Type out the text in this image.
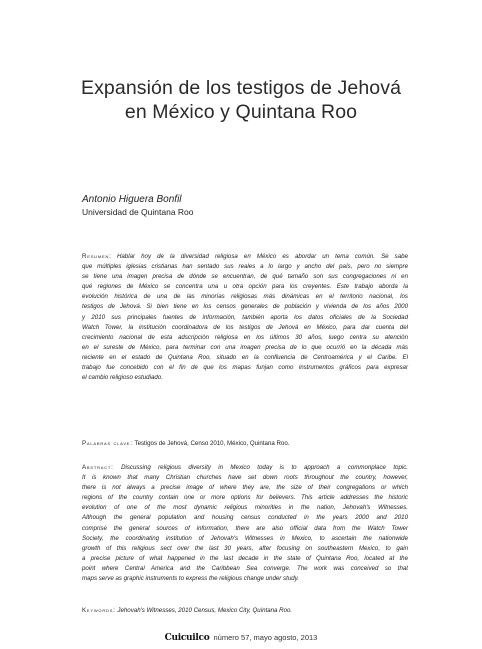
Expansión de los testigos de Jehová
en México y Quintana Roo
Antonio Higuera Bonfil
Universidad de Quintana Roo
Resumen: Hablar hoy de la diversidad religiosa en México es abordar un tema común. Se sabe
que múltiples iglesias cristianas han sentado sus reales a lo largo y ancho del país, pero no siempre
se tiene una imagen precisa de dónde se encuentran, de qué tamaño son sus congregaciones ni en
qué regiones de México se concentra una u otra opción para los creyentes. Este trabajo aborda la
evolución histórica de una de las minorías religiosas más dinámicas en el territorio nacional, los
testigos de Jehová. Si bien tiene en los censos generales de población y vivienda de los años 2000
y 2010 sus principales fuentes de información, también aporta los datos oficiales de la Sociedad
Watch Tower, la institución coordinadora de los testigos de Jehová en México, para dar cuenta del
crecimiento nacional de esta adscripción religiosa en los últimos 30 años, luego centra su atención
en el sureste de México, para terminar con una imagen precisa de lo que ocurrió en la década más
reciente en el estado de Quintana Roo, situado en la confluencia de Centroamérica y el Caribe. El
trabajo fue concebido con el fin de que los mapas funjan como instrumentos gráficos para expresar
el cambio religioso estudiado.
Palabras clave: Testigos de Jehová, Censo 2010, México, Quintana Roo.
Abstract: Discussing religious diversity in Mexico today is to approach a commonplace topic.
It is known that many Christian churches have set down roots throughout the country, however,
there is not always a precise image of where they are, the size of their congregations or which
regions of the country contain one or more options for believers. This article addresses the historic
evolution of one of the most dynamic religious minorities in the nation, Jehovah's Witnesses.
Although the general population and housing census conducted in the years 2000 and 2010
comprise the general sources of information, there are also official data from the Watch Tower
Society, the coordinating institution of Jehovah's Witnesses in Mexico, to ascertain the nationwide
growth of this religious sect over the last 30 years, after focusing on southeastern Mexico, to gain
a precise picture of what happened in the last decade in the state of Quintana Roo, located at the
point where Central America and the Caribbean Sea converge. The work was conceived so that
maps serve as graphic instruments to express the religious change under study.
Keywords: Jehovah's Witnesses, 2010 Census, Mexico City, Quintana Roo.
Cuicuilco número 57, mayo agosto, 2013
